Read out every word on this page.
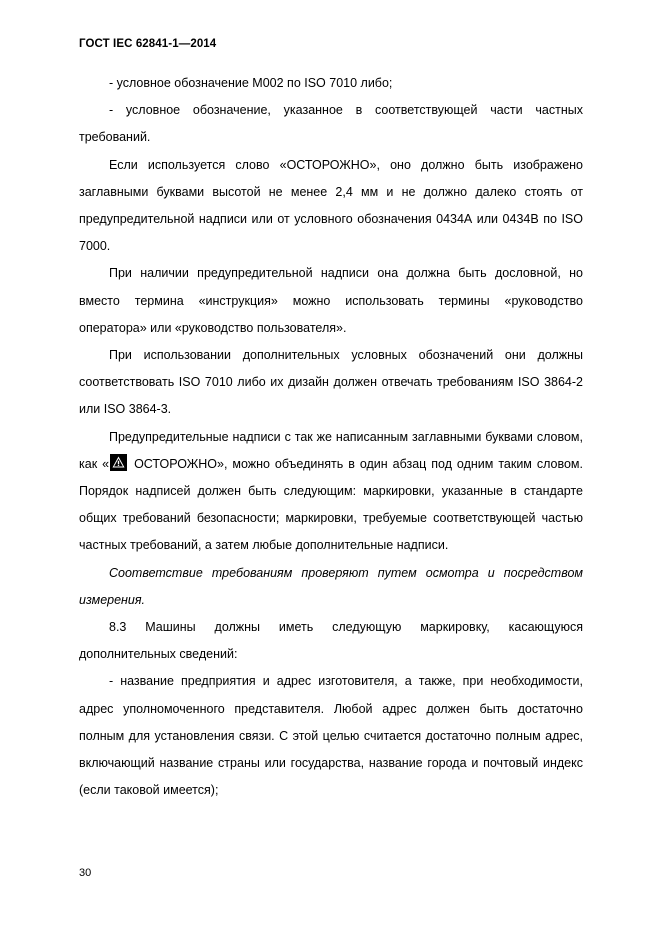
ГОСТ IEC 62841-1—2014

- условное обозначение М002 по ISO 7010 либо;

- условное обозначение, указанное в соответствующей части частных требований.

Если используется слово «ОСТОРОЖНО», оно должно быть изображено заглавными буквами высотой не менее 2,4 мм и не должно далеко стоять от предупредительной надписи или от условного обозначения 0434А или 0434В по ISO 7000.

При наличии предупредительной надписи она должна быть дословной, но вместо термина «инструкция» можно использовать термины «руководство оператора» или «руководство пользователя».

При использовании дополнительных условных обозначений они должны соответствовать ISO 7010 либо их дизайн должен отвечать требованиям ISO 3864-2 или ISO 3864-3.

Предупредительные надписи с так же написанным заглавными буквами словом, как « ОСТОРОЖНО», можно объединять в один абзац под одним таким словом. Порядок надписей должен быть следующим: маркировки, указанные в стандарте общих требований безопасности; маркировки, требуемые соответствующей частью частных требований, а затем любые дополнительные надписи.

Соответствие требованиям проверяют путем осмотра и посредством измерения.

8.3 Машины должны иметь следующую маркировку, касающуюся дополнительных сведений:

- название предприятия и адрес изготовителя, а также, при необходимости, адрес уполномоченного представителя. Любой адрес должен быть достаточно полным для установления связи. С этой целью считается достаточно полным адрес, включающий название страны или государства, название города и почтовый индекс (если таковой имеется);

30
